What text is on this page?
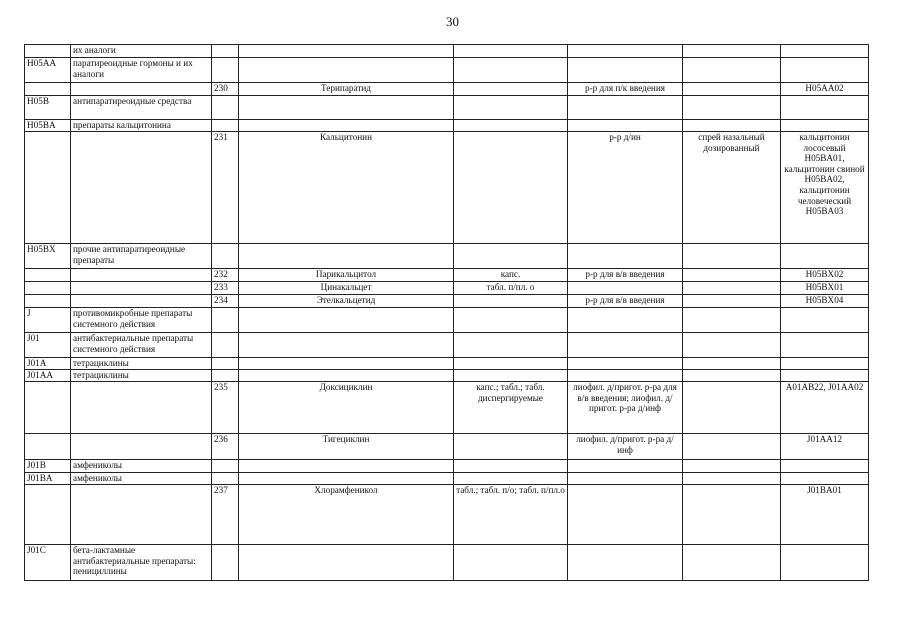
30
	их аналоги						
H05AA	паратиреоидные гормоны и их аналоги						
		230	Терипаратид		р-р для п/к введения		H05AA02
H05B	антипаратиреоидные средства						
H05BA	препараты кальцитонина						
		231	Кальцитонин		р-р д/ин	спрей назальный дозированный	кальцитонин лососевый H05BA01, кальцитонин свиной H05BA02, кальцитонин человеческий H05BA03
H05BX	прочие антипаратиреоидные препараты						
		232	Парикальцитол	капс.	р-р для в/в введения		H05BX02
		233	Цинакальцет	табл. п/пл. о			H05BX01
		234	Этелкальцетид		р-р для в/в введения		H05BX04
J	противомикробные препараты системного действия						
J01	антибактериальные препараты системного действия						
J01A	тетрациклины						
J01AA	тетрациклины						
		235	Доксициклин	капс.; табл.; табл. диспергируемые	лиофил. д/пригот. р-ра для в/в введения; лиофил. д/пригот. р-ра д/инф		A01AB22, J01AA02
		236	Тигециклин		лиофил. д/пригот. р-ра д/инф		J01AA12
J01B	амфениколы						
J01BA	амфениколы						
		237	Хлорамфеникол	табл.; табл. п/о; табл. п/пл.о			J01BA01
J01C	бета-лактамные антибактериальные препараты: пенициллины						
